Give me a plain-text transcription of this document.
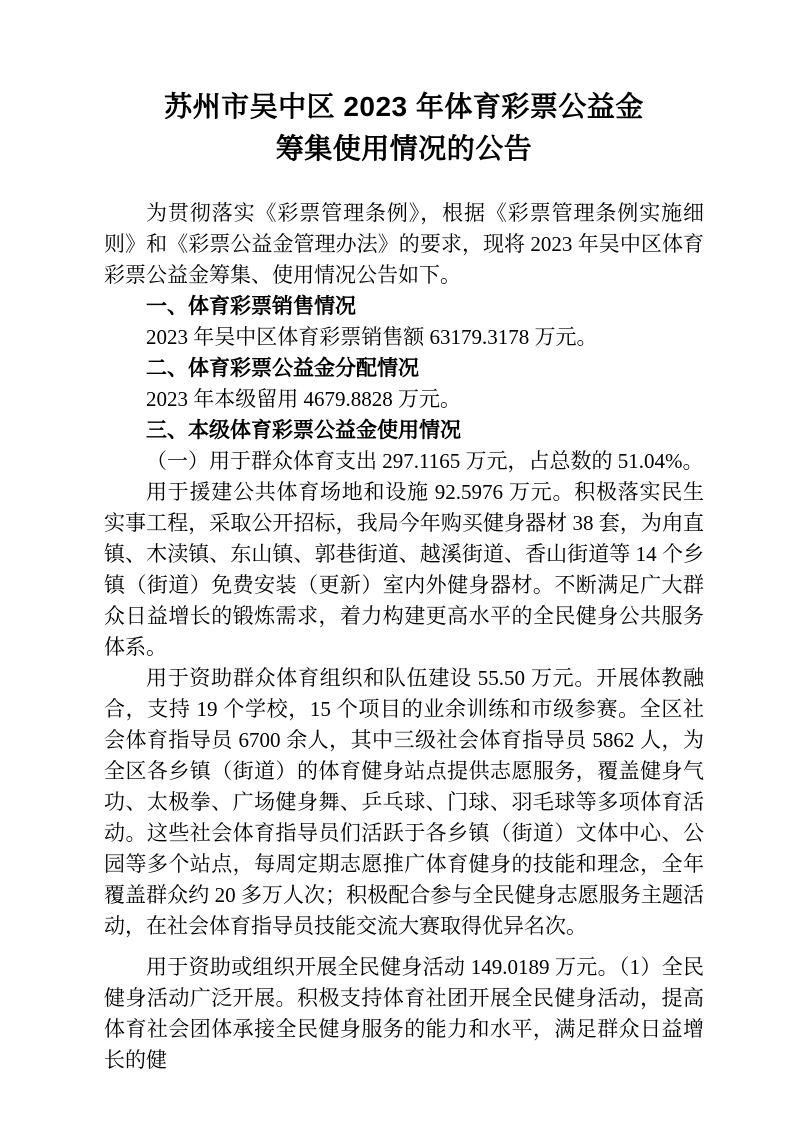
苏州市吴中区 2023 年体育彩票公益金
筹集使用情况的公告

为贯彻落实《彩票管理条例》，根据《彩票管理条例实施细则》和《彩票公益金管理办法》的要求，现将 2023 年吴中区体育彩票公益金筹集、使用情况公告如下。

一、体育彩票销售情况

2023 年吴中区体育彩票销售额 63179.3178 万元。

二、体育彩票公益金分配情况

2023 年本级留用 4679.8828 万元。

三、本级体育彩票公益金使用情况

（一）用于群众体育支出 297.1165 万元，占总数的 51.04%。

用于援建公共体育场地和设施 92.5976 万元。积极落实民生实事工程，采取公开招标，我局今年购买健身器材 38 套，为甪直镇、木渎镇、东山镇、郭巷街道、越溪街道、香山街道等 14 个乡镇（街道）免费安装（更新）室内外健身器材。不断满足广大群众日益增长的锻炼需求，着力构建更高水平的全民健身公共服务体系。

用于资助群众体育组织和队伍建设 55.50 万元。开展体教融合，支持 19 个学校，15 个项目的业余训练和市级参赛。全区社会体育指导员 6700 余人，其中三级社会体育指导员 5862 人，为全区各乡镇（街道）的体育健身站点提供志愿服务，覆盖健身气功、太极拳、广场健身舞、乒乓球、门球、羽毛球等多项体育活动。这些社会体育指导员们活跃于各乡镇（街道）文体中心、公园等多个站点，每周定期志愿推广体育健身的技能和理念，全年覆盖群众约 20 多万人次；积极配合参与全民健身志愿服务主题活动，在社会体育指导员技能交流大赛取得优异名次。

用于资助或组织开展全民健身活动 149.0189 万元。（1）全民健身活动广泛开展。积极支持体育社团开展全民健身活动，提高体育社会团体承接全民健身服务的能力和水平，满足群众日益增长的健
